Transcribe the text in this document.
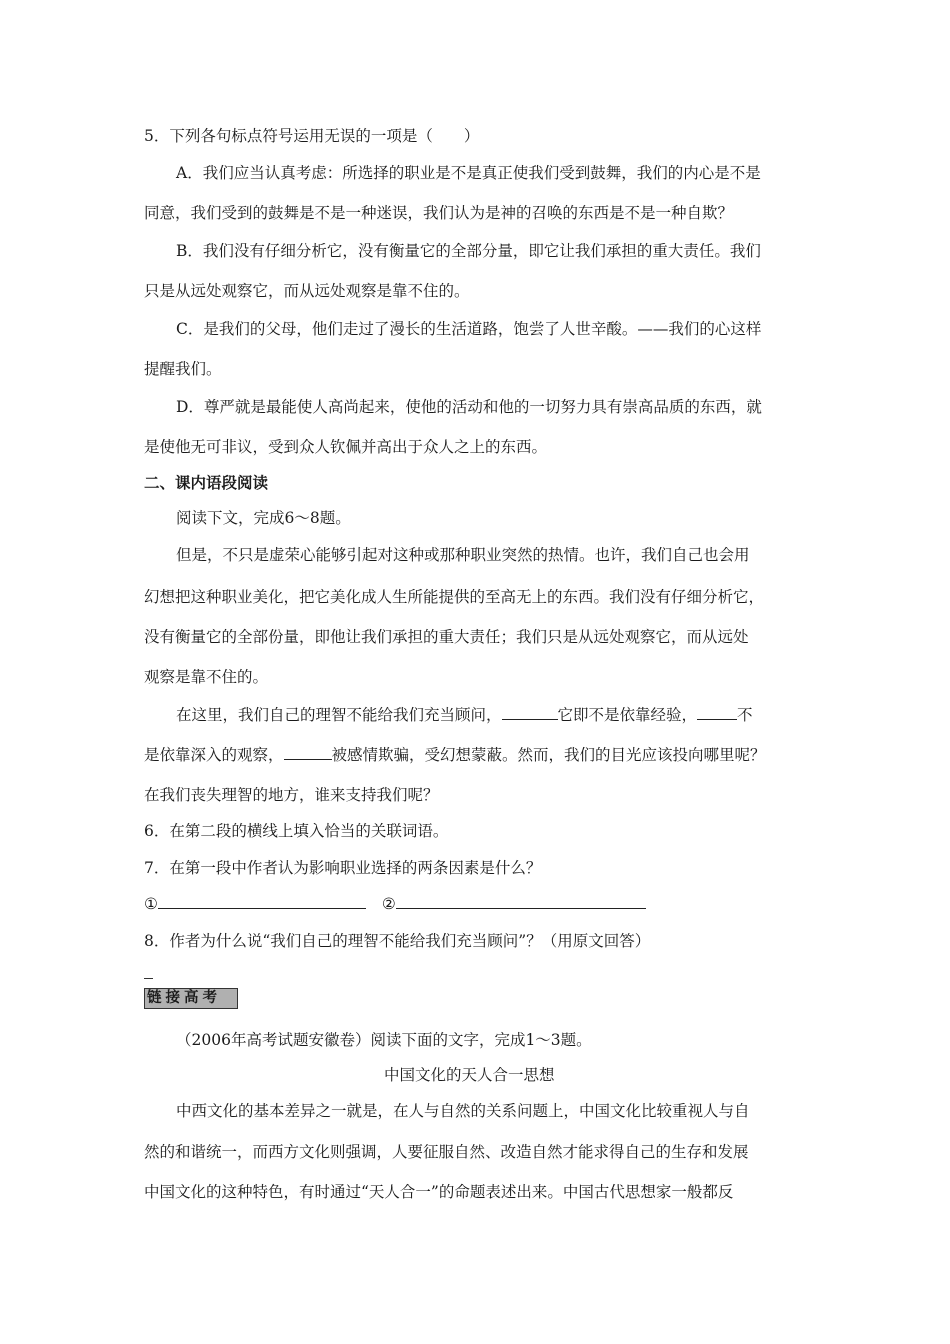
5．下列各句标点符号运用无误的一项是（　　）
A．我们应当认真考虑：所选择的职业是不是真正使我们受到鼓舞，我们的内心是不是
同意，我们受到的鼓舞是不是一种迷误，我们认为是神的召唤的东西是不是一种自欺？
B．我们没有仔细分析它，没有衡量它的全部分量，即它让我们承担的重大责任。我们
只是从远处观察它，而从远处观察是靠不住的。
C．是我们的父母，他们走过了漫长的生活道路，饱尝了人世辛酸。——我们的心这样
提醒我们。
D．尊严就是最能使人高尚起来，使他的活动和他的一切努力具有崇高品质的东西，就
是使他无可非议，受到众人钦佩并高出于众人之上的东西。
二、课内语段阅读
阅读下文，完成6～8题。
但是，不只是虚荣心能够引起对这种或那种职业突然的热情。也许，我们自己也会用
幻想把这种职业美化，把它美化成人生所能提供的至高无上的东西。我们没有仔细分析它，
没有衡量它的全部份量，即他让我们承担的重大责任；我们只是从远处观察它，而从远处
观察是靠不住的。
在这里，我们自己的理智不能给我们充当顾问，	它即不是依靠经验，	不
是依靠深入的观察，	被感情欺骗，受幻想蒙蔽。然而，我们的目光应该投向哪里呢？
在我们丧失理智的地方，谁来支持我们呢？
6．在第二段的横线上填入恰当的关联词语。
7．在第一段中作者认为影响职业选择的两条因素是什么？
①	②
8．作者为什么说“我们自己的理智不能给我们充当顾问”？（用原文回答）
链接高考
（2006年高考试题安徽卷）阅读下面的文字，完成1～3题。
中国文化的天人合一思想
中西文化的基本差异之一就是，在人与自然的关系问题上，中国文化比较重视人与自
然的和谐统一，而西方文化则强调，人要征服自然、改造自然才能求得自己的生存和发展
中国文化的这种特色，有时通过“天人合一”的命题表述出来。中国古代思想家一般都反
